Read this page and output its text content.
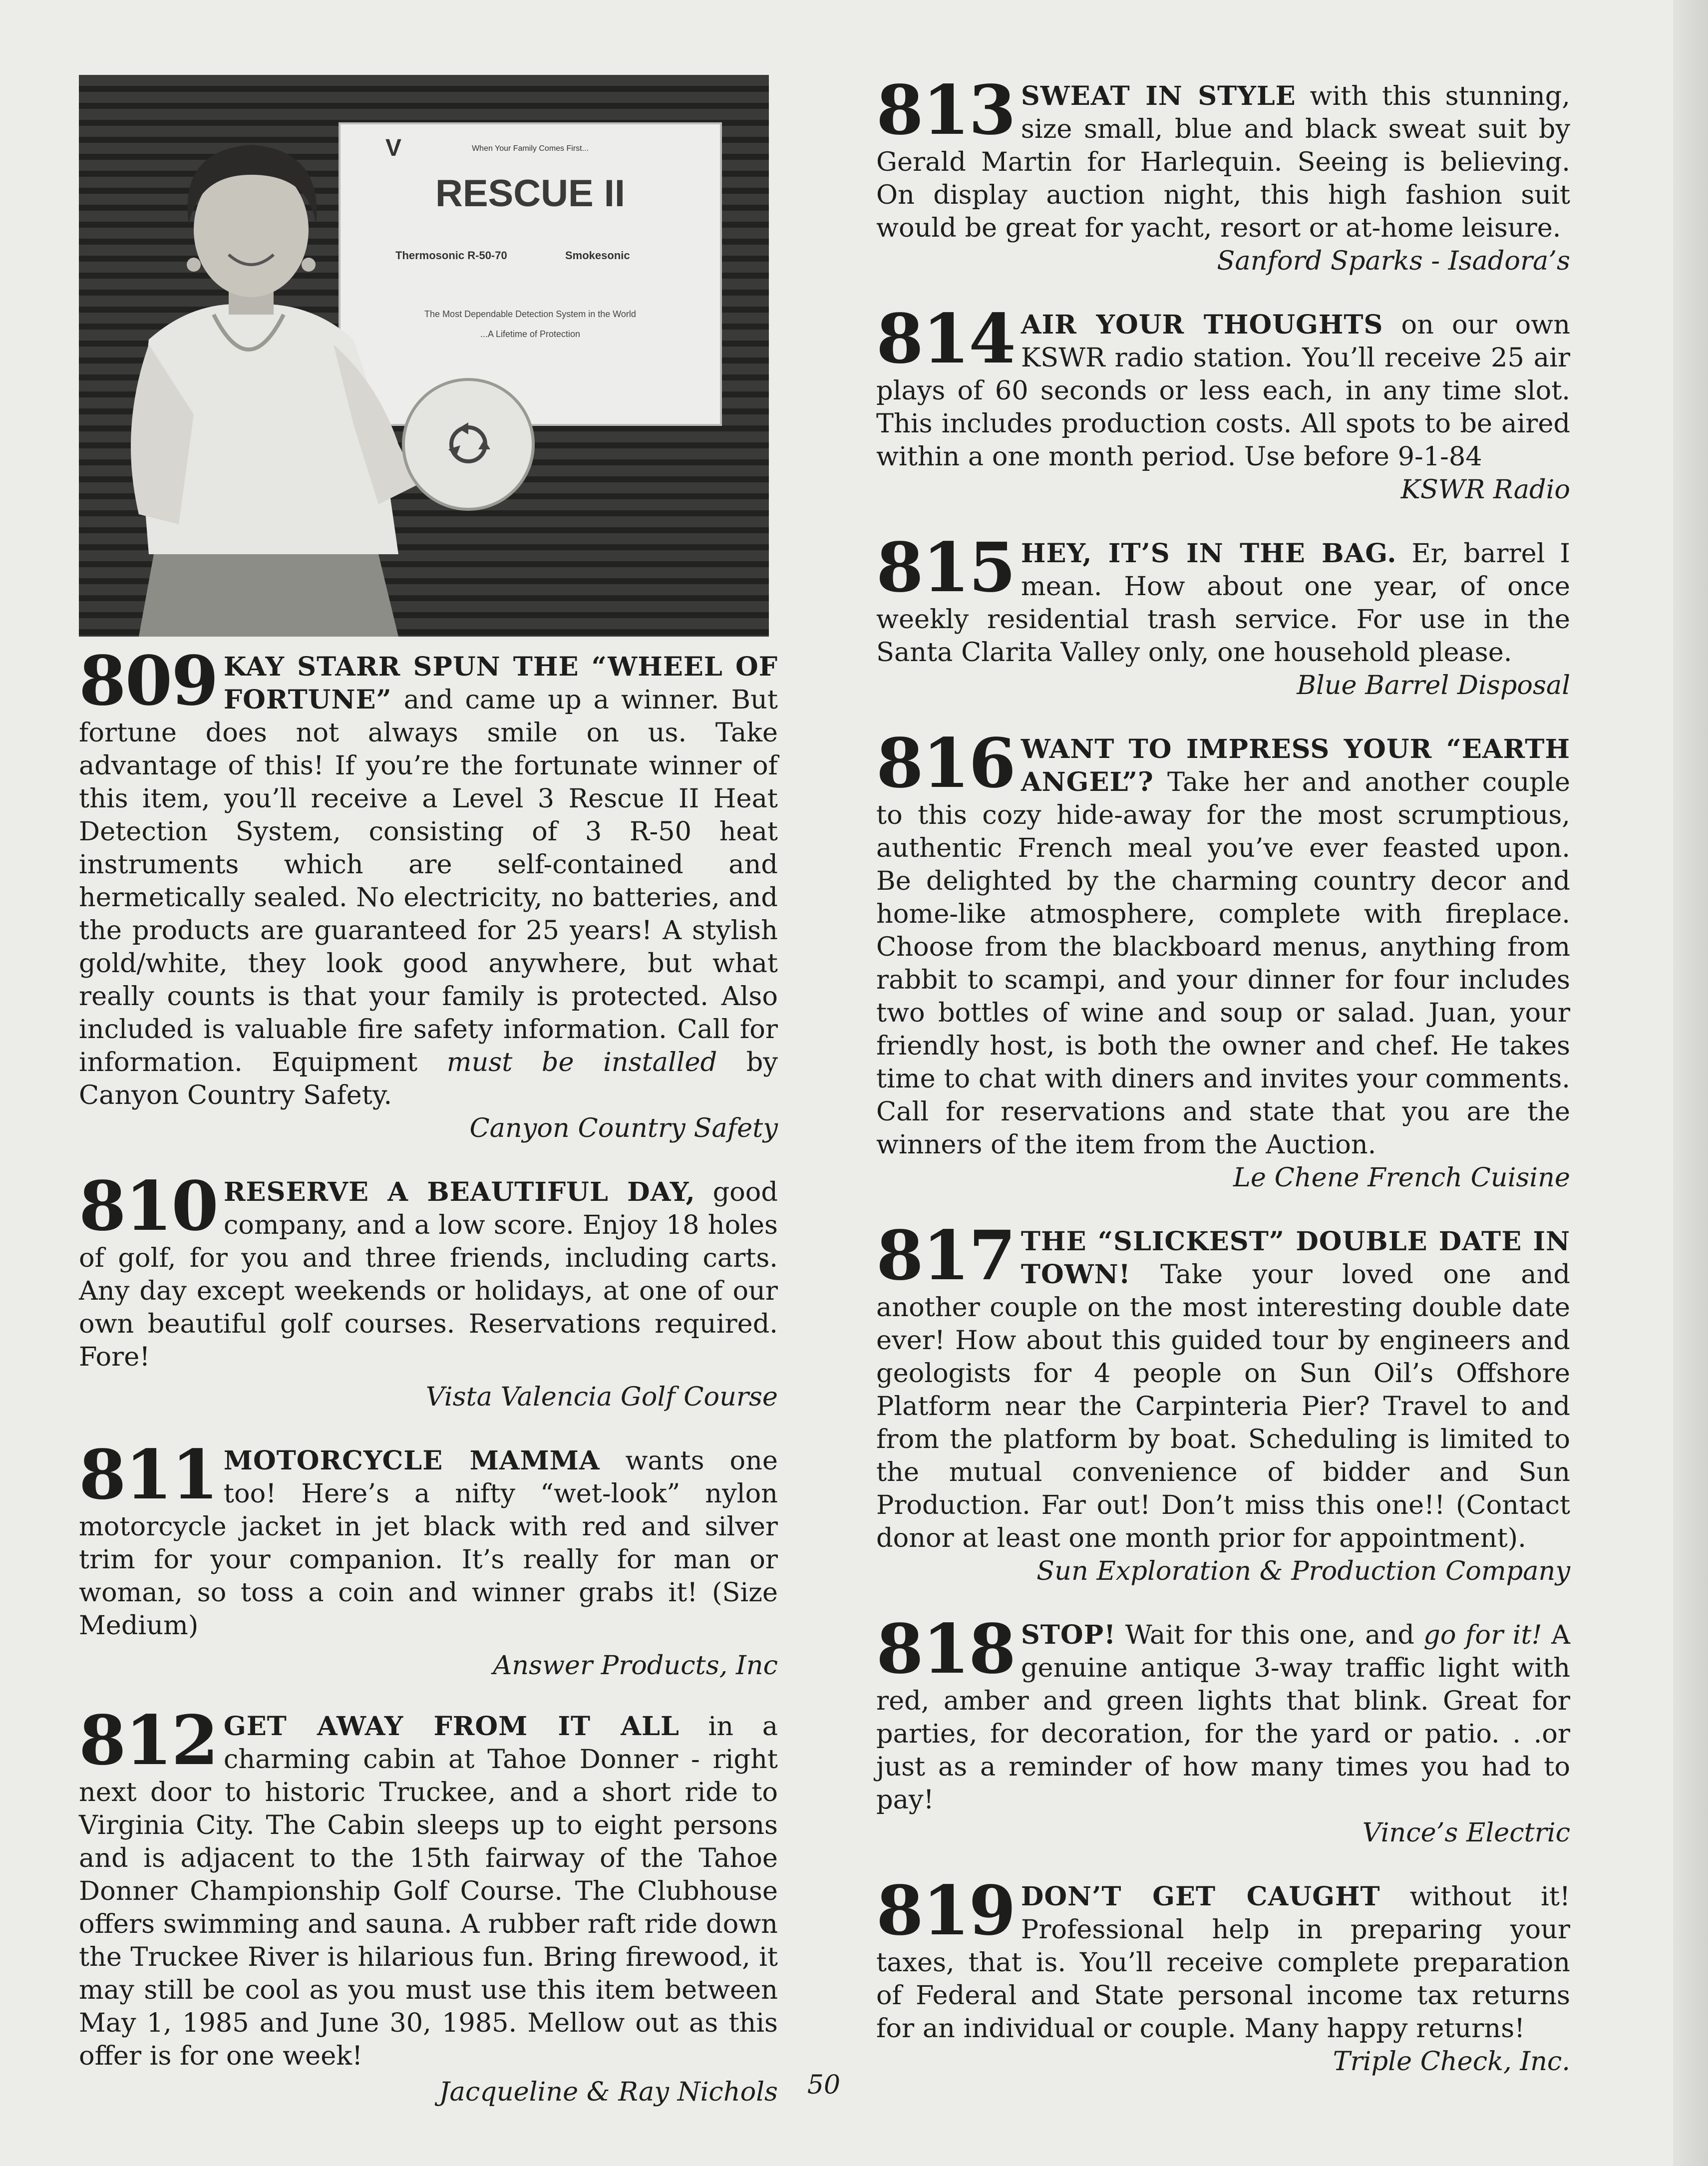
V	When Your Family Comes First...
RESCUE II
Thermosonic R-50-70	Smokesonic
The Most Dependable Detection System in the World
...A Lifetime of Protection
809 KAY STARR SPUN THE “WHEEL OF FORTUNE” and came up a winner. But fortune does not always smile on us. Take advantage of this! If you’re the fortunate winner of this item, you’ll receive a Level 3 Rescue II Heat Detection System, consisting of 3 R-50 heat instruments which are self-contained and hermetically sealed. No electricity, no batteries, and the products are guaranteed for 25 years! A stylish gold/white, they look good anywhere, but what really counts is that your family is protected. Also included is valuable fire safety information. Call for information. Equipment must be installed by Canyon Country Safety.

Canyon Country Safety

810 RESERVE A BEAUTIFUL DAY, good company, and a low score. Enjoy 18 holes of golf, for you and three friends, including carts. Any day except weekends or holidays, at one of our own beautiful golf courses. Reservations required. Fore!

Vista Valencia Golf Course

811 MOTORCYCLE MAMMA wants one too! Here’s a nifty “wet-look” nylon motorcycle jacket in jet black with red and silver trim for your companion. It’s really for man or woman, so toss a coin and winner grabs it! (Size Medium)

Answer Products, Inc

812 GET AWAY FROM IT ALL in a charming cabin at Tahoe Donner - right next door to historic Truckee, and a short ride to Virginia City. The Cabin sleeps up to eight persons and is adjacent to the 15th fairway of the Tahoe Donner Championship Golf Course. The Clubhouse offers swimming and sauna. A rubber raft ride down the Truckee River is hilarious fun. Bring firewood, it may still be cool as you must use this item between May 1, 1985 and June 30, 1985. Mellow out as this offer is for one week!

Jacqueline & Ray Nichols

813 SWEAT IN STYLE with this stunning, size small, blue and black sweat suit by Gerald Martin for Harlequin. Seeing is believing. On display auction night, this high fashion suit would be great for yacht, resort or at-home leisure.

Sanford Sparks - Isadora’s

814 AIR YOUR THOUGHTS on our own KSWR radio station. You’ll receive 25 air plays of 60 seconds or less each, in any time slot. This includes production costs. All spots to be aired within a one month period. Use before 9-1-84

KSWR Radio

815 HEY, IT’S IN THE BAG. Er, barrel I mean. How about one year, of once weekly residential trash service. For use in the Santa Clarita Valley only, one household please.

Blue Barrel Disposal

816 WANT TO IMPRESS YOUR “EARTH ANGEL”? Take her and another couple to this cozy hide-away for the most scrumptious, authentic French meal you’ve ever feasted upon. Be delighted by the charming country decor and home-like atmosphere, complete with fireplace. Choose from the blackboard menus, anything from rabbit to scampi, and your dinner for four includes two bottles of wine and soup or salad. Juan, your friendly host, is both the owner and chef. He takes time to chat with diners and invites your comments. Call for reservations and state that you are the winners of the item from the Auction.

Le Chene French Cuisine

817 THE “SLICKEST” DOUBLE DATE IN TOWN! Take your loved one and another couple on the most interesting double date ever! How about this guided tour by engineers and geologists for 4 people on Sun Oil’s Offshore Platform near the Carpinteria Pier? Travel to and from the platform by boat. Scheduling is limited to the mutual convenience of bidder and Sun Production. Far out! Don’t miss this one!! (Contact donor at least one month prior for appointment).

Sun Exploration & Production Company

818 STOP! Wait for this one, and go for it! A genuine antique 3-way traffic light with red, amber and green lights that blink. Great for parties, for decoration, for the yard or patio. . .or just as a reminder of how many times you had to pay!

Vince’s Electric

819 DON’T GET CAUGHT without it! Professional help in preparing your taxes, that is. You’ll receive complete preparation of Federal and State personal income tax returns for an individual or couple. Many happy returns!

Triple Check, Inc.

50
